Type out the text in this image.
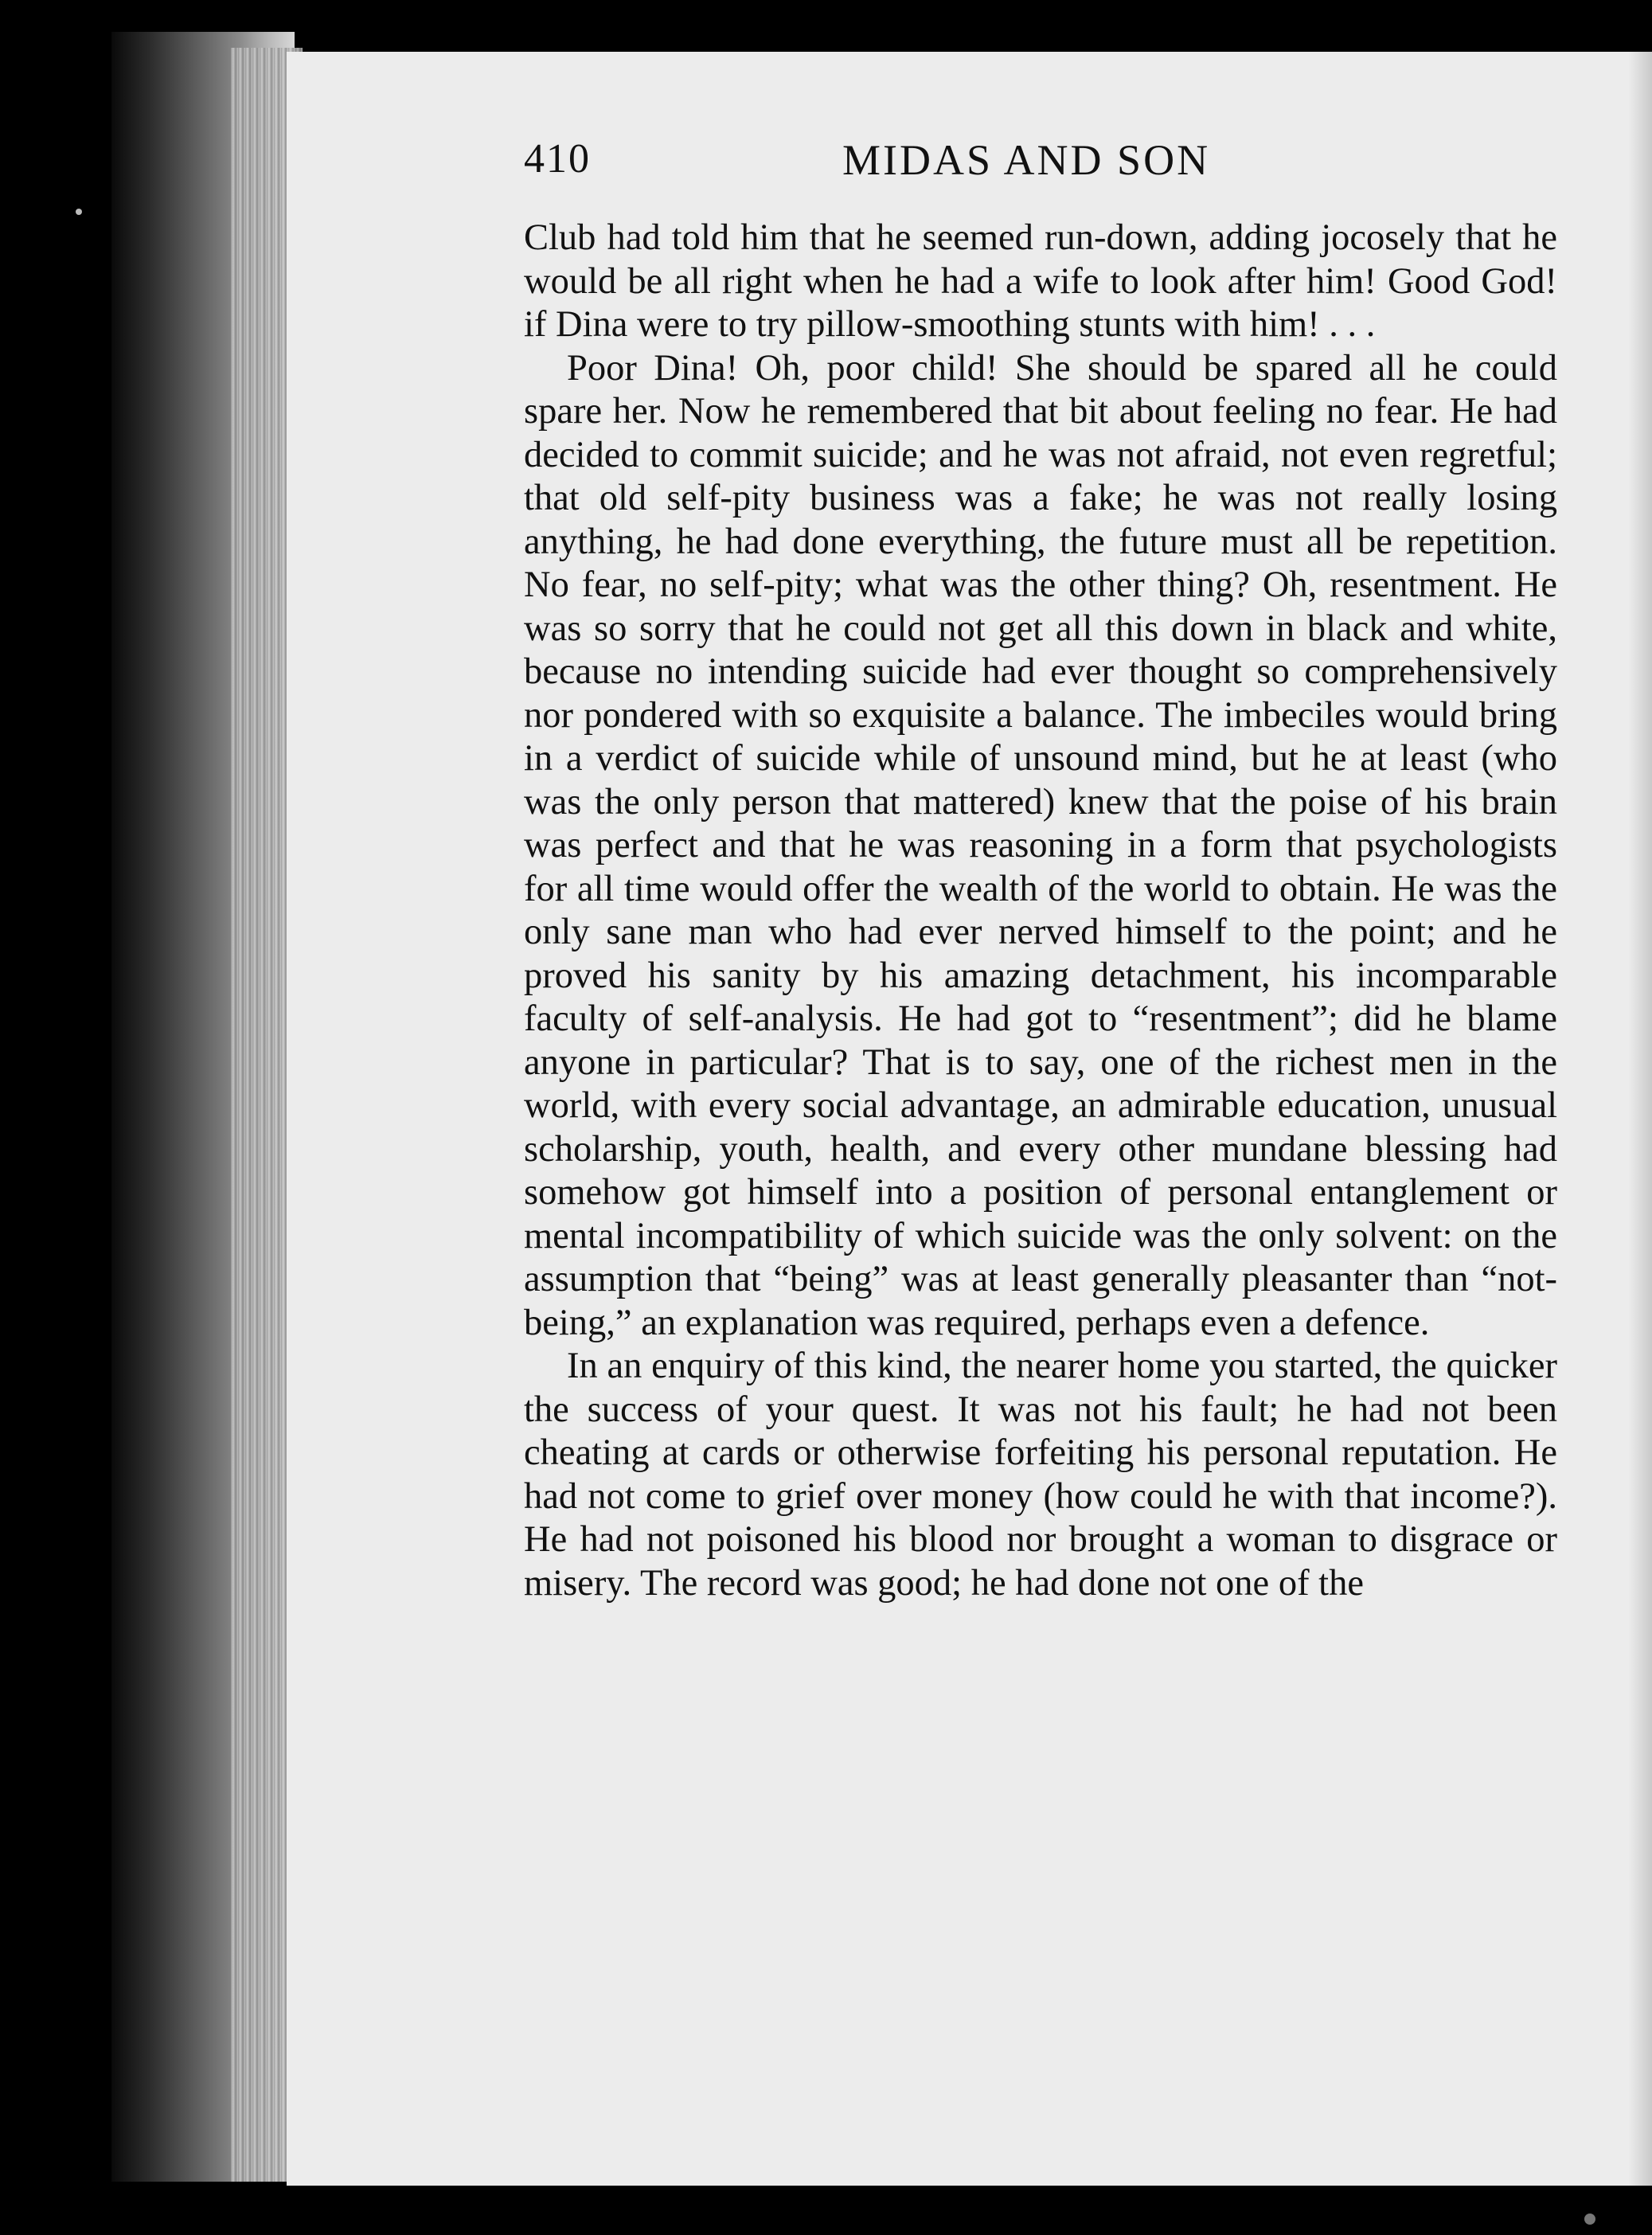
410	MIDAS AND SON

Club had told him that he seemed run-down, adding jocosely that he would be all right when he had a wife to look after him! Good God! if Dina were to try pillow-smoothing stunts with him! . . .

Poor Dina! Oh, poor child! She should be spared all he could spare her. Now he remembered that bit about feeling no fear. He had decided to commit suicide; and he was not afraid, not even regretful; that old self-pity business was a fake; he was not really losing anything, he had done everything, the future must all be repetition. No fear, no self-pity; what was the other thing? Oh, resentment. He was so sorry that he could not get all this down in black and white, because no intending suicide had ever thought so comprehensively nor pondered with so exquisite a balance. The imbeciles would bring in a verdict of suicide while of unsound mind, but he at least (who was the only person that mattered) knew that the poise of his brain was perfect and that he was reasoning in a form that psychologists for all time would offer the wealth of the world to obtain. He was the only sane man who had ever nerved himself to the point; and he proved his sanity by his amazing detachment, his incomparable faculty of self-analysis. He had got to “resentment”; did he blame anyone in particular? That is to say, one of the richest men in the world, with every social advantage, an admirable education, unusual scholarship, youth, health, and every other mundane blessing had somehow got himself into a position of personal entanglement or mental incompatibility of which suicide was the only solvent: on the assumption that “being” was at least generally pleasanter than “not-being,” an explanation was required, perhaps even a defence.

In an enquiry of this kind, the nearer home you started, the quicker the success of your quest. It was not his fault; he had not been cheating at cards or otherwise forfeiting his personal reputation. He had not come to grief over money (how could he with that income?). He had not poisoned his blood nor brought a woman to disgrace or misery. The record was good; he had done not one of the
